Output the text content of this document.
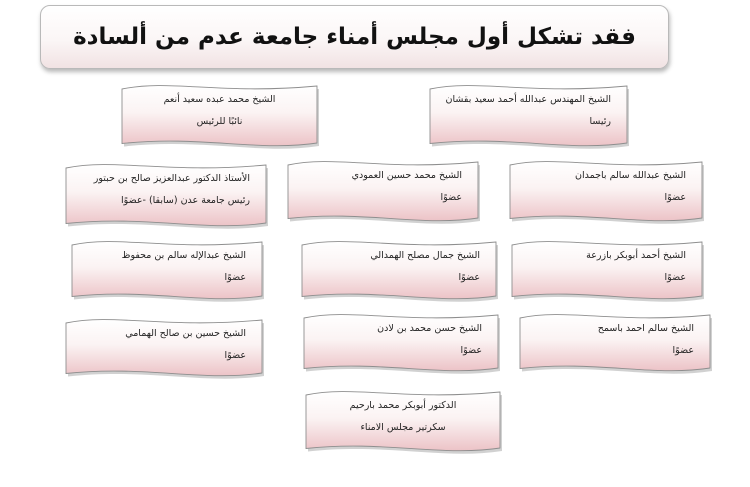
فقد تشكل أول مجلس أمناء جامعة عدم من ألسادة
الشيخ المهندس عبدالله أحمد سعيد بقشان
رئيسا
الشيخ محمد عبده سعيد أنعم
نائبًا للرئيس
الشيخ عبدالله سالم باجمدان
عضوًا
الشيخ محمد حسين العمودي
عضوًا
الأستاذ الدكتور عبدالعزيز صالح بن حبتور
رئيس جامعة عدن (سابقا) -عضوًا
الشيخ أحمد أبوبكر بازرعة
عضوًا
الشيخ جمال مصلح الهمدالي
عضوًا
الشيخ عبدالإله سالم بن محفوظ
عضوًا
الشيخ سالم احمد باسمح
عضوًا
الشيخ حسن محمد بن لادن
عضوًا
الشيخ حسين بن صالح الهمامي
عضوًا
الدكتور أبوبكر محمد بارحيم
سكرتير مجلس الامناء
